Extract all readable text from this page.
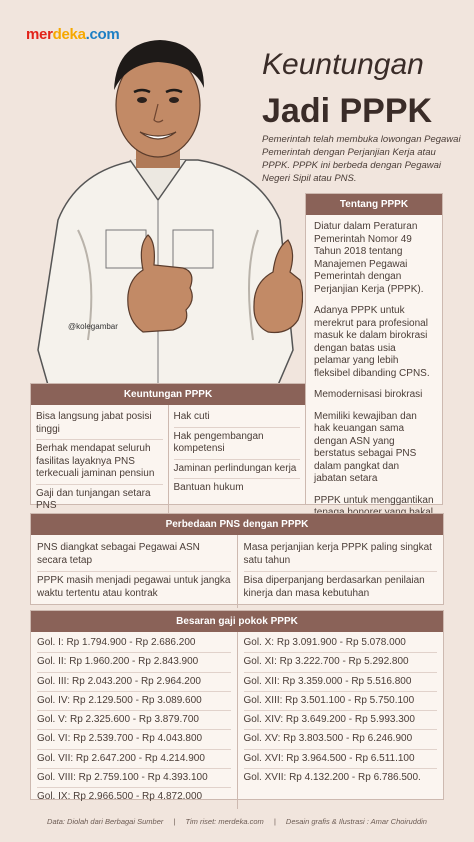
merdeka.com
@kolegambar
Keuntungan
Jadi PPPK
Pemerintah telah membuka lowongan Pegawai Pemerintah dengan Perjanjian Kerja atau PPPK. PPPK ini berbeda dengan Pegawai Negeri Sipil atau PNS.
Tentang PPPK

Diatur dalam Peraturan Pemerintah Nomor 49 Tahun 2018 tentang Manajemen Pegawai Pemerintah dengan Perjanjian Kerja (PPPK).

Adanya PPPK untuk merekrut para profesional masuk ke dalam birokrasi dengan batas usia pelamar yang lebih fleksibel dibanding CPNS.

Memodernisasi birokrasi

Memiliki kewajiban dan hak keuangan sama dengan ASN yang berstatus sebagai PNS dalam pangkat dan jabatan setara

PPPK untuk menggantikan

Keuntungan PPPK
Bisa langsung jabat posisi tinggi
Berhak mendapat seluruh fasilitas layaknya PNS terkecuali jaminan pensiun
Gaji dan tunjangan setara PNS
Hak cuti
Hak pengembangan kompetensi
Jaminan perlindungan kerja
Bantuan hukum
Perbedaan PNS dengan PPPK
PNS diangkat sebagai Pegawai ASN secara tetap
PPPK masih menjadi pegawai untuk jangka waktu tertentu atau kontrak
Masa perjanjian kerja PPPK paling singkat satu tahun
Bisa diperpanjang berdasarkan penilaian kinerja dan masa kebutuhan
Besaran gaji pokok PPPK
Gol. I: Rp 1.794.900 - Rp 2.686.200
Gol. II: Rp 1.960.200 - Rp 2.843.900
Gol. III: Rp 2.043.200 - Rp 2.964.200
Gol. IV: Rp 2.129.500 - Rp 3.089.600
Gol. V: Rp 2.325.600 - Rp 3.879.700
Gol. VI: Rp 2.539.700 - Rp 4.043.800
Gol. VII: Rp 2.647.200 - Rp 4.214.900
Gol. VIII: Rp 2.759.100 - Rp 4.393.100
Gol. IX: Rp 2.966.500 - Rp 4.872.000
Gol. X: Rp 3.091.900 - Rp 5.078.000
Gol. XI: Rp 3.222.700 - Rp 5.292.800
Gol. XII: Rp 3.359.000 - Rp 5.516.800
Gol. XIII: Rp 3.501.100 - Rp 5.750.100
Gol. XIV: Rp 3.649.200 - Rp 5.993.300
Gol. XV: Rp 3.803.500 - Rp 6.246.900
Gol. XVI: Rp 3.964.500 - Rp 6.511.100
Gol. XVII: Rp 4.132.200 - Rp 6.786.500.
Data: Diolah dari Berbagai Sumber | Tim riset: merdeka.com | Desain grafis & Ilustrasi : Amar Choiruddin
